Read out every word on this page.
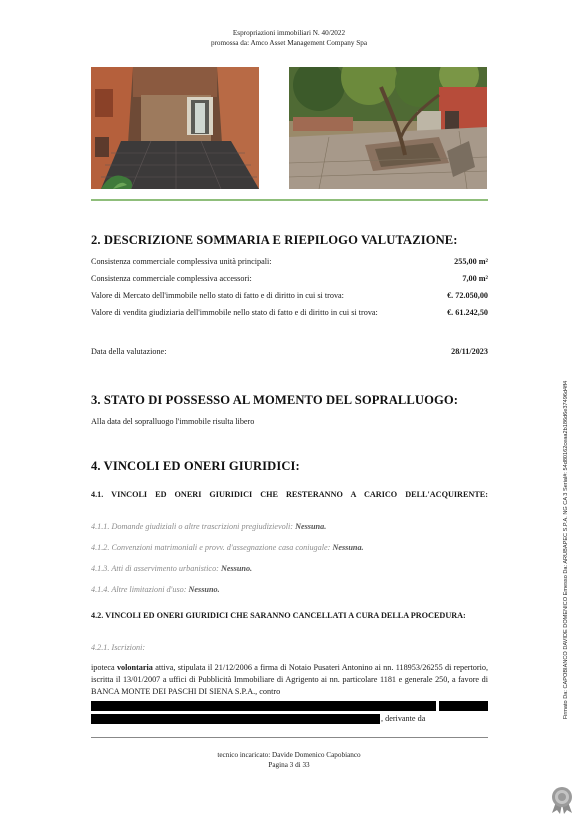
Espropriazioni immobiliari N. 40/2022
promossa da: Amco Asset Management Company Spa
2. DESCRIZIONE SOMMARIA E RIEPILOGO VALUTAZIONE:
Consistenza commerciale complessiva unità principali:	255,00 m²
Consistenza commerciale complessiva accessori:	7,00 m²
Valore di Mercato dell'immobile nello stato di fatto e di diritto in cui si trova:	€. 72.050,00
Valore di vendita giudiziaria dell'immobile nello stato di fatto e di diritto in cui si trova:	€. 61.242,50
Data della valutazione:	28/11/2023
3. STATO DI POSSESSO AL MOMENTO DEL SOPRALLUOGO:
Alla data del sopralluogo l'immobile risulta libero
4. VINCOLI ED ONERI GIURIDICI:
4.1. VINCOLI ED ONERI GIURIDICI CHE RESTERANNO A CARICO DELL'ACQUIRENTE:
4.1.1. Domande giudiziali o altre trascrizioni pregiudizievoli: Nessuna.
4.1.2. Convenzioni matrimoniali e provv. d'assegnazione casa coniugale: Nessuna.
4.1.3. Atti di asservimento urbanistico: Nessuno.
4.1.4. Altre limitazioni d'uso: Nessuno.
4.2. VINCOLI ED ONERI GIURIDICI CHE SARANNO CANCELLATI A CURA DELLA PROCEDURA:
4.2.1. Iscrizioni:
ipoteca volontaria attiva, stipulata il 21/12/2006 a firma di Notaio Pusateri Antonino ai nn. 118953/26255 di repertorio, iscritta il 13/01/2007 a uffici di Pubblicità Immobiliare di Agrigento ai nn. particolare 1181 e generale 250, a favore di BANCA MONTE DEI PASCHI DI SIENA S.P.A., contro
, derivante da
tecnico incaricato: Davide Domenico Capobianco
Pagina 3 di 33
Firmato Da: CAPOBIANCO DAVIDE DOMENICO Emesso Da: ARUBAPEC S.P.A. NG CA 3 Serial#: 54d80162ceaa2b186d6e37496d4ff4
